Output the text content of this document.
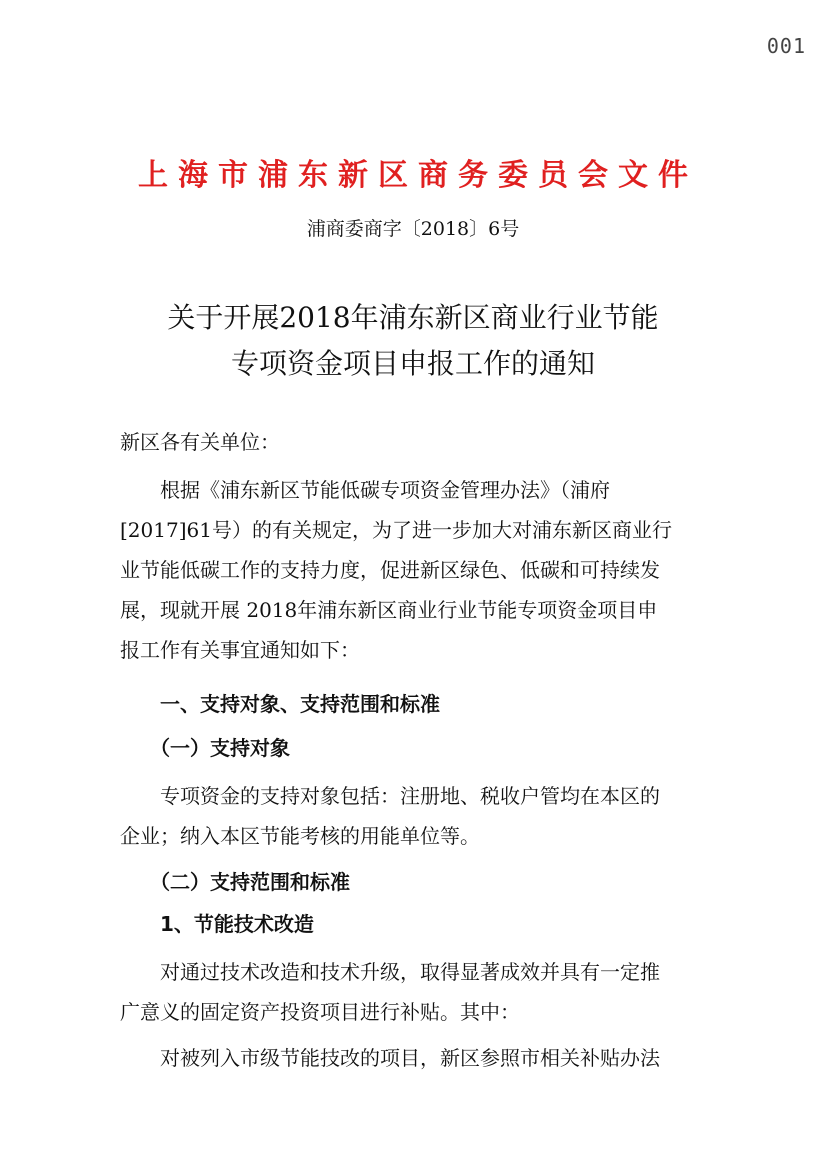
001
上海市浦东新区商务委员会文件
浦商委商字〔2018〕6号
关于开展2018年浦东新区商业行业节能
专项资金项目申报工作的通知
新区各有关单位：
　　根据《浦东新区节能低碳专项资金管理办法》（浦府
[2017]61号）的有关规定，为了进一步加大对浦东新区商业行
业节能低碳工作的支持力度，促进新区绿色、低碳和可持续发
展，现就开展 2018年浦东新区商业行业节能专项资金项目申
报工作有关事宜通知如下：
　　一、支持对象、支持范围和标准
　　（一）支持对象
　　专项资金的支持对象包括：注册地、税收户管均在本区的
企业；纳入本区节能考核的用能单位等。
　　（二）支持范围和标准
　　1、节能技术改造
　　对通过技术改造和技术升级，取得显著成效并具有一定推
广意义的固定资产投资项目进行补贴。其中：
　　对被列入市级节能技改的项目，新区参照市相关补贴办法
